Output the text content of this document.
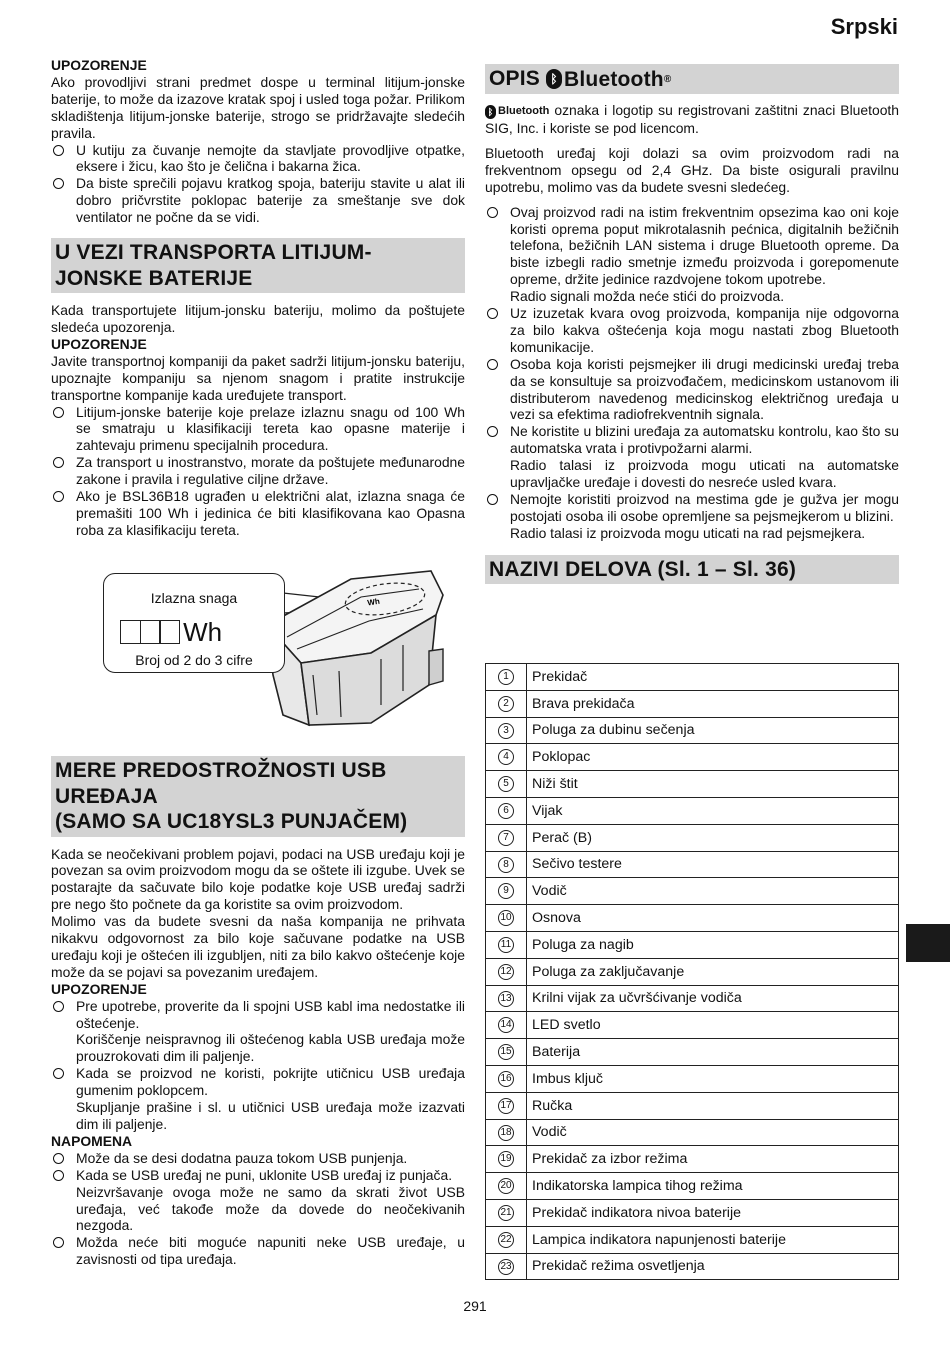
Srpski

UPOZORENJE

Ako provodljivi strani predmet dospe u terminal litijum-jonske baterije, to može da izazove kratak spoj i usled toga požar. Prilikom skladištenja litijum-jonske baterije, strogo se pridržavajte sledećih pravila.

U kutiju za čuvanje nemojte da stavljate provodljive otpatke, eksere i žicu, kao što je čelična i bakarna žica.

Da biste sprečili pojavu kratkog spoja, bateriju stavite u alat ili dobro pričvrstite poklopac baterije za smeštanje sve dok ventilator ne počne da se vidi.

U VEZI TRANSPORTA LITIJUM-JONSKE BATERIJE

Kada transportujete litijum-jonsku bateriju, molimo da poštujete sledeća upozorenja.

UPOZORENJE

Javite transportnoj kompaniji da paket sadrži litijum-jonsku bateriju, upoznajte kompaniju sa njenom snagom i pratite instrukcije transportne kompanije kada uređujete transport.

Litijum-jonske baterije koje prelaze izlaznu snagu od 100 Wh se smatraju u klasifikaciji tereta kao opasne materije i zahtevaju primenu specijalnih procedura.

Za transport u inostranstvo, morate da poštujete međunarodne zakone i pravila i regulative ciljne države.

Ako je BSL36B18 ugrađen u električni alat, izlazna snaga će premašiti 100 Wh i jedinica će biti klasifikovana kao Opasna roba za klasifikaciju tereta.

Izlazna snaga
Wh
Broj od 2 do 3 cifre
Wh
MERE PREDOSTROŽNOSTI USB
UREĐAJA
(SAMO SA UC18YSL3 PUNJAČEM)

Kada se neočekivani problem pojavi, podaci na USB uređaju koji je povezan sa ovim proizvodom mogu da se oštete ili izgube. Uvek se postarajte da sačuvate bilo koje podatke koje USB uređaj sadrži pre nego što počnete da ga koristite sa ovim proizvodom.

Molimo vas da budete svesni da naša kompanija ne prihvata nikakvu odgovornost za bilo koje sačuvane podatke na USB uređaju koji je oštećen ili izgubljen, niti za bilo kakvo oštećenje koje može da se pojavi sa povezanim uređajem.

UPOZORENJE

Pre upotrebe, proverite da li spojni USB kabl ima nedostatke ili oštećenje.

Koriščenje neispravnog ili oštećenog kabla USB uređaja može prouzrokovati dim ili paljenje.

Kada se proizvod ne koristi, pokrijte utičnicu USB uređaja gumenim poklopcem.

Skupljanje prašine i sl. u utičnici USB uređaja može izazvati dim ili paljenje.

NAPOMENA

Može da se desi dodatna pauza tokom USB punjenja.

Kada se USB uređaj ne puni, uklonite USB uređaj iz punjača.

Neizvršavanje ovoga može ne samo da skrati život USB uređaja, već takođe može da dovede do neočekivanih nezgoda.

Možda neće biti moguće napuniti neke USB uređaje, u zavisnosti od tipa uređaja.

OPIS ᛒ Bluetooth ®

ᛒ Bluetooth oznaka i logotip su registrovani zaštitni znaci Bluetooth SIG, Inc. i koriste se pod licencom.

Bluetooth uređaj koji dolazi sa ovim proizvodom radi na frekventnom opsegu od 2,4 GHz. Da biste osigurali pravilnu upotrebu, molimo vas da budete svesni sledećeg.

Ovaj proizvod radi na istim frekventnim opsezima kao oni koje koristi oprema poput mikrotalasnih pećnica, digitalnih bežičnih telefona, bežičnih LAN sistema i druge Bluetooth opreme. Da biste izbegli radio smetnje između proizvoda i gorepomenute opreme, držite jedinice razdvojene tokom upotrebe.

Radio signali možda neće stići do proizvoda.

Uz izuzetak kvara ovog proizvoda, kompanija nije odgovorna za bilo kakva oštećenja koja mogu nastati zbog Bluetooth komunikacije.

Osoba koja koristi pejsmejker ili drugi medicinski uređaj treba da se konsultuje sa proizvođačem, medicinskom ustanovom ili distributerom navedenog medicinskog električnog uređaja u vezi sa efektima radiofrekventnih signala.

Ne koristite u blizini uređaja za automatsku kontrolu, kao što su automatska vrata i protivpožarni alarmi.

Radio talasi iz proizvoda mogu uticati na automatske upravljačke uređaje i dovesti do nesreće usled kvara.

Nemojte koristiti proizvod na mestima gde je gužva jer mogu postojati osoba ili osobe opremljene sa pejsmejkerom u blizini.

Radio talasi iz proizvoda mogu uticati na rad pejsmejkera.

NAZIVI DELOVA (Sl. 1 – Sl. 36)
1	Prekidač
2	Brava prekidača
3	Poluga za dubinu sečenja
4	Poklopac
5	Niži štit
6	Vijak
7	Perač (B)
8	Sečivo testere
9	Vodič
10	Osnova
11	Poluga za nagib
12	Poluga za zaključavanje
13	Krilni vijak za učvršćivanje vodiča
14	LED svetlo
15	Baterija
16	Imbus ključ
17	Ručka
18	Vodič
19	Prekidač za izbor režima
20	Indikatorska lampica tihog režima
21	Prekidač indikatora nivoa baterije
22	Lampica indikatora napunjenosti baterije
23	Prekidač režima osvetljenja
291
